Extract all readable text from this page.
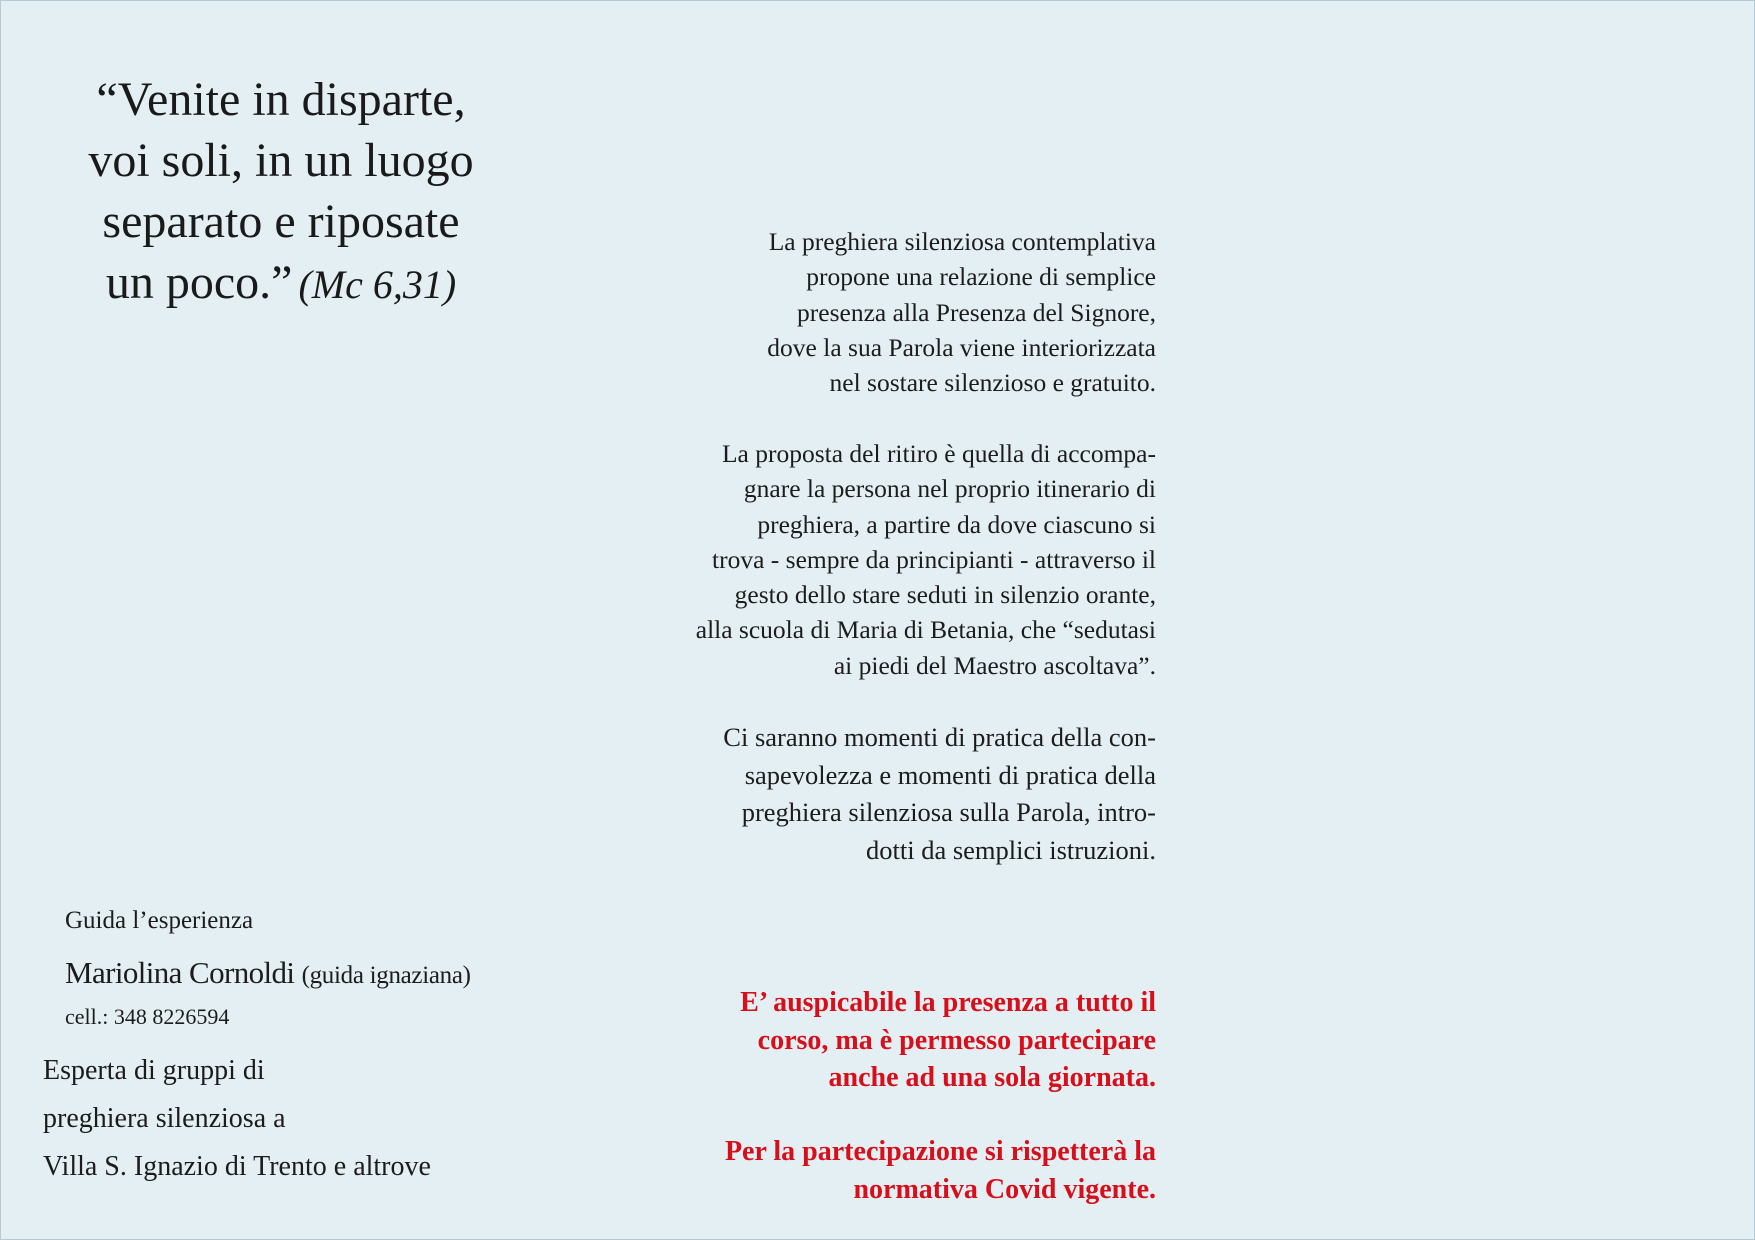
“Venite in disparte,
voi soli, in un luogo
separato e riposate
un poco.” (Mc 6,31)
La preghiera silenziosa contemplativa
propone una relazione di semplice
presenza alla Presenza del Signore,
dove la sua Parola viene interiorizzata
nel sostare silenzioso e gratuito.
La proposta del ritiro è quella di accompa-
gnare la persona nel proprio itinerario di
preghiera, a partire da dove ciascuno si
trova - sempre da principianti - attraverso il
gesto dello stare seduti in silenzio orante,
alla scuola di Maria di Betania, che “sedutasi
ai piedi del Maestro ascoltava”.
Ci saranno momenti di pratica della con-
sapevolezza e momenti di pratica della
preghiera silenziosa sulla Parola, intro-
dotti da semplici istruzioni.
E’ auspicabile la presenza a tutto il
corso, ma è permesso partecipare
anche ad una sola giornata.
Per la partecipazione si rispetterà la
normativa Covid vigente.
Guida l’esperienza
Mariolina Cornoldi (guida ignaziana)
cell.: 348 8226594
Esperta di gruppi di
preghiera silenziosa a
Villa S. Ignazio di Trento e altrove
